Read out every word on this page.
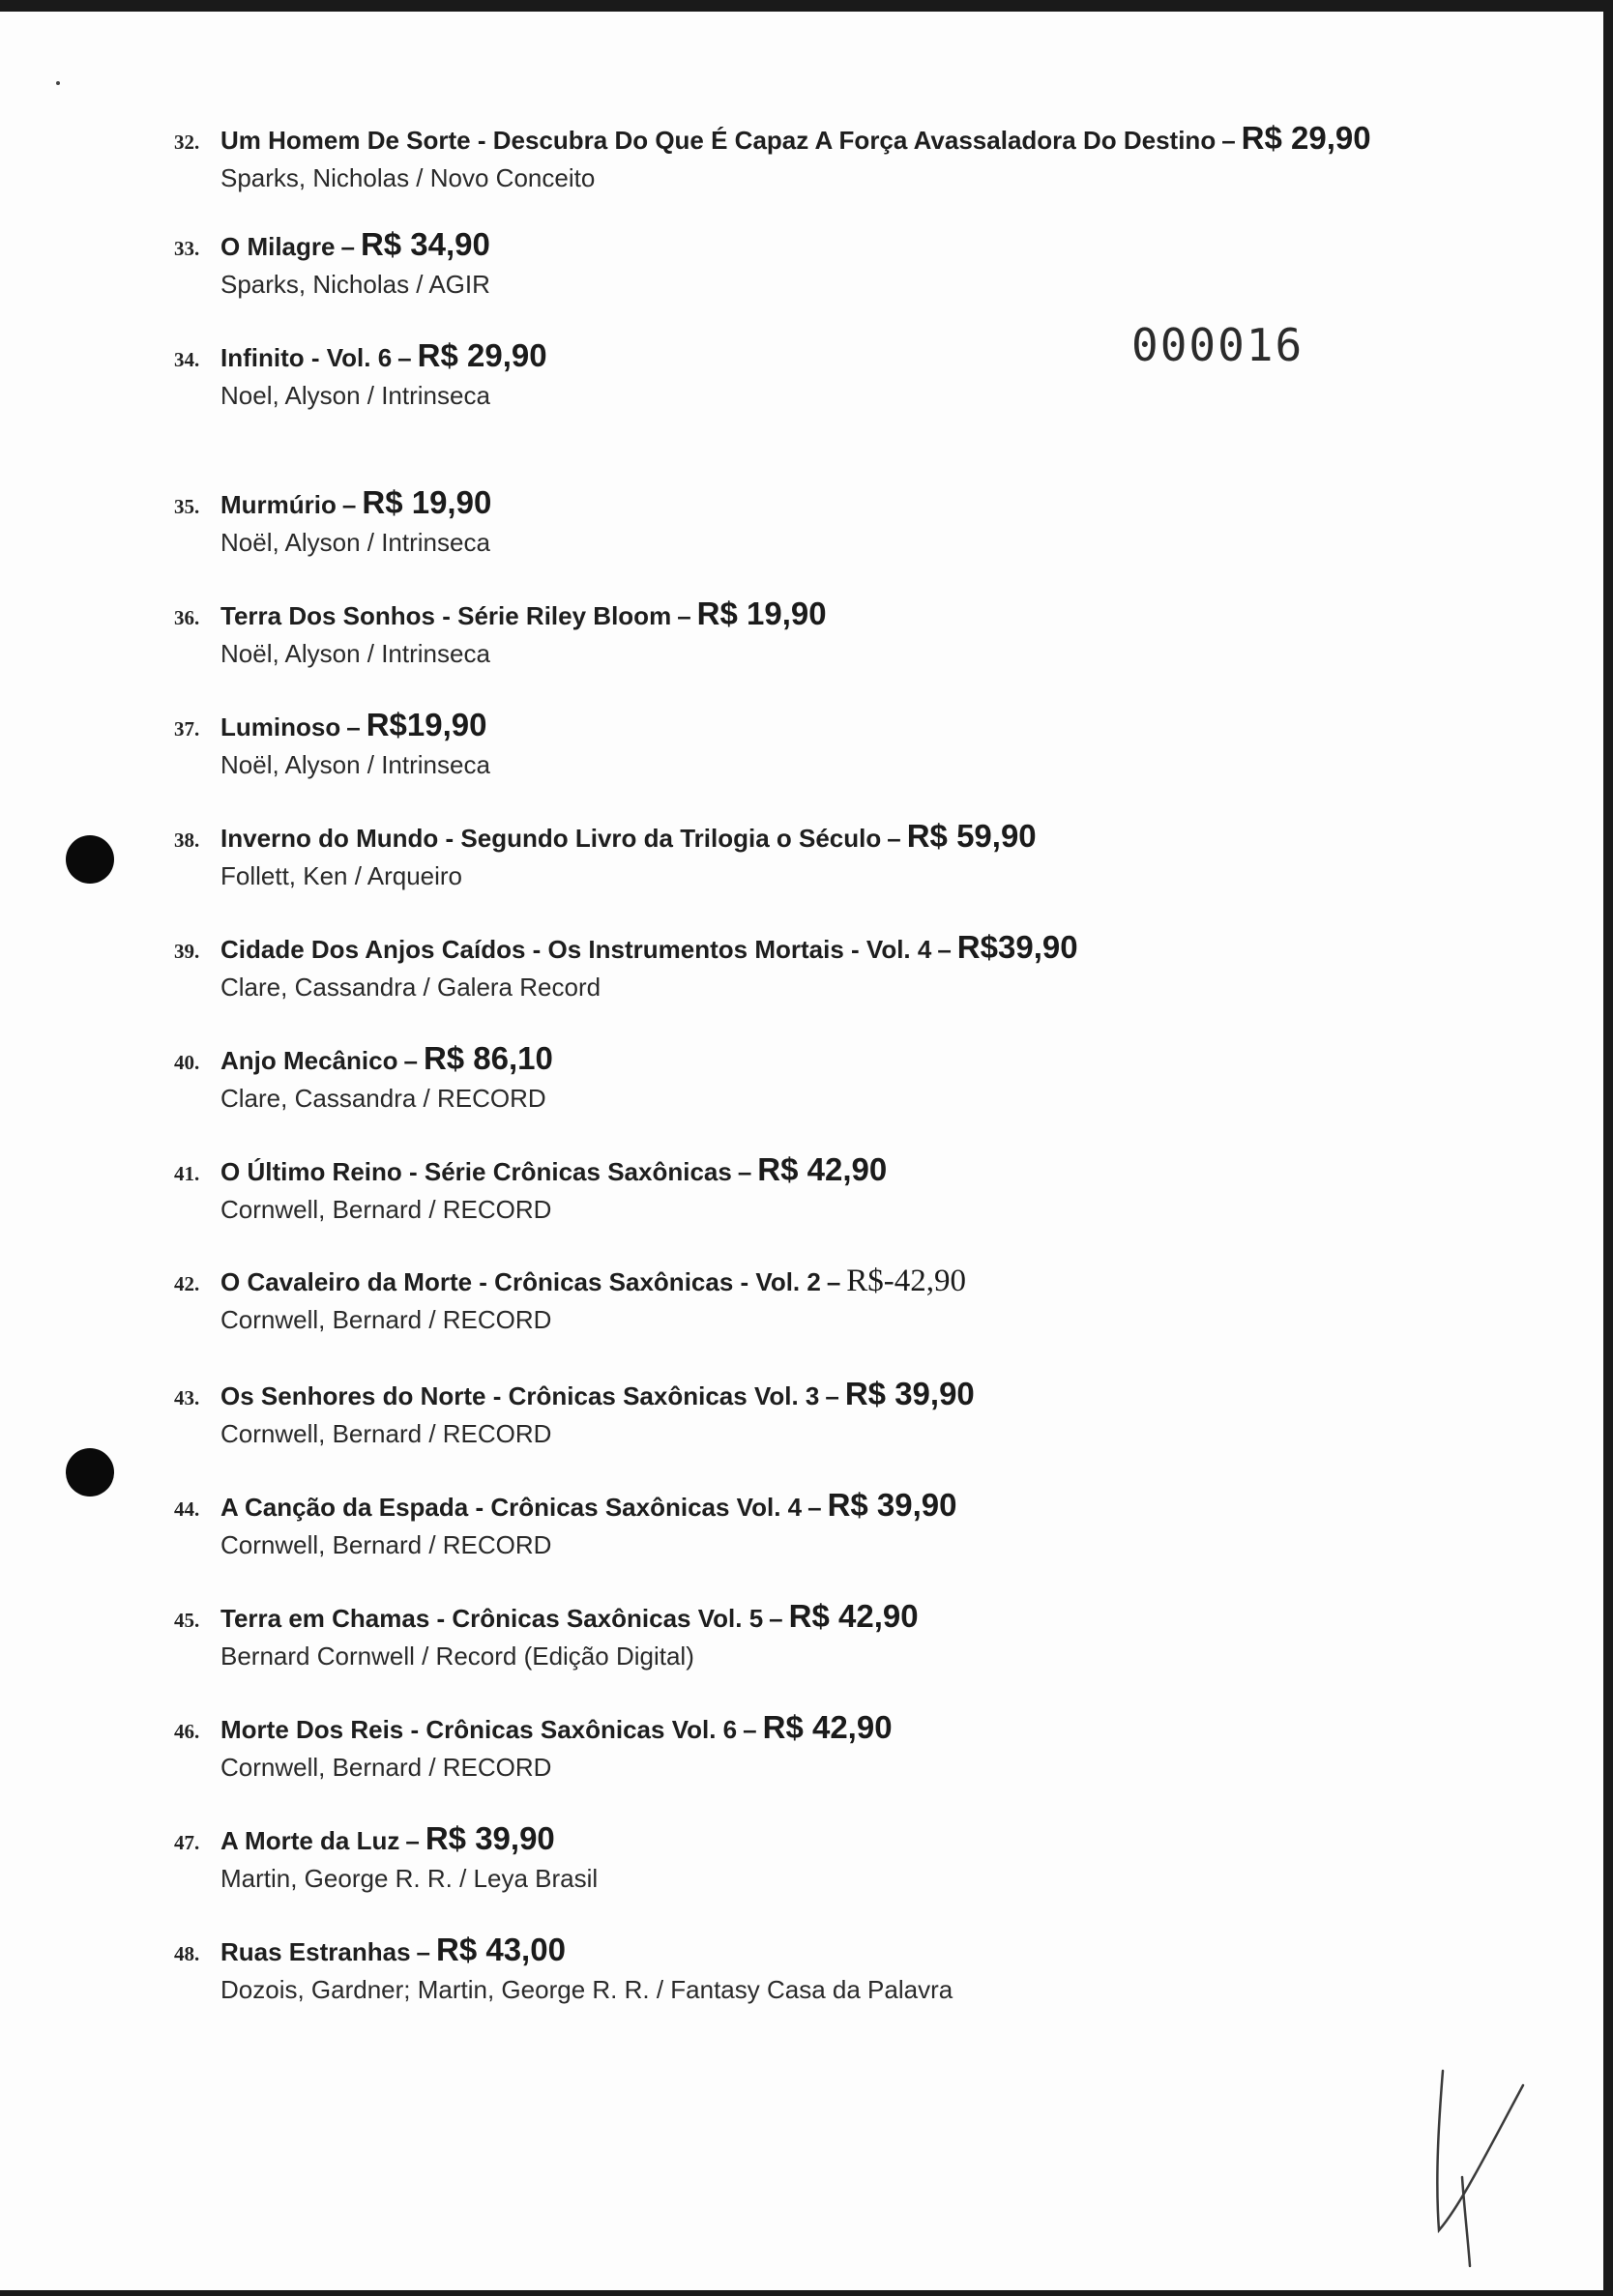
32. Um Homem De Sorte - Descubra Do Que É Capaz A Força Avassaladora Do Destino – R$ 29,90
Sparks, Nicholas / Novo Conceito
33. O Milagre – R$ 34,90
Sparks, Nicholas / AGIR
34. Infinito - Vol. 6 – R$ 29,90
Noel, Alyson / Intrinseca
000016
35. Murmúrio – R$ 19,90
Noël, Alyson / Intrinseca
36. Terra Dos Sonhos - Série Riley Bloom – R$ 19,90
Noël, Alyson / Intrinseca
37. Luminoso – R$19,90
Noël, Alyson / Intrinseca
38. Inverno do Mundo - Segundo Livro da Trilogia o Século – R$ 59,90
Follett, Ken / Arqueiro
39. Cidade Dos Anjos Caídos - Os Instrumentos Mortais - Vol. 4 – R$39,90
Clare, Cassandra / Galera Record
40. Anjo Mecânico – R$ 86,10
Clare, Cassandra / RECORD
41. O Último Reino - Série Crônicas Saxônicas – R$ 42,90
Cornwell, Bernard / RECORD
42. O Cavaleiro da Morte - Crônicas Saxônicas - Vol. 2 – R$-42,90
Cornwell, Bernard / RECORD
43. Os Senhores do Norte - Crônicas Saxônicas Vol. 3 – R$ 39,90
Cornwell, Bernard / RECORD
44. A Canção da Espada - Crônicas Saxônicas Vol. 4 – R$ 39,90
Cornwell, Bernard / RECORD
45. Terra em Chamas - Crônicas Saxônicas Vol. 5 – R$ 42,90
Bernard Cornwell / Record (Edição Digital)
46. Morte Dos Reis - Crônicas Saxônicas Vol. 6 – R$ 42,90
Cornwell, Bernard / RECORD
47. A Morte da Luz – R$ 39,90
Martin, George R. R. / Leya Brasil
48. Ruas Estranhas – R$ 43,00
Dozois, Gardner; Martin, George R. R. / Fantasy Casa da Palavra
